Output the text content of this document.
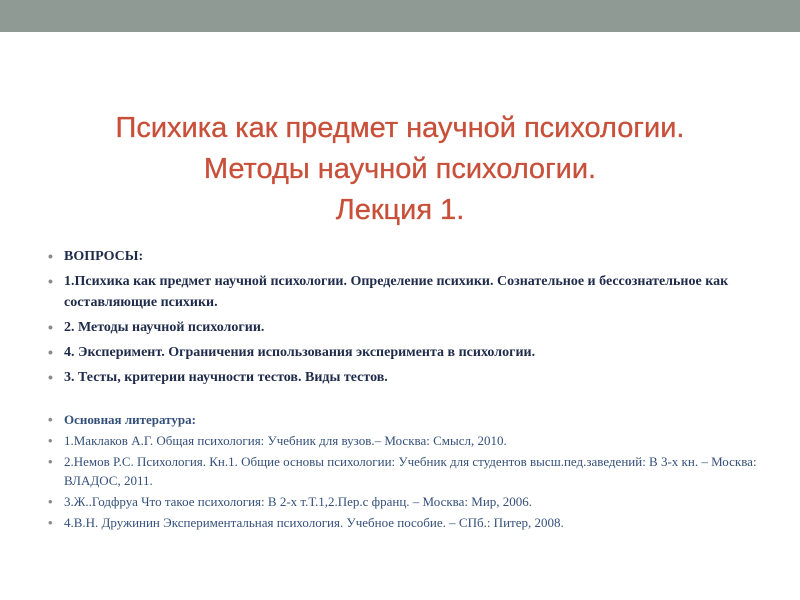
Психика как предмет научной психологии.
Методы научной психологии.
Лекция 1.
• ВОПРОСЫ:
• 1.Психика как предмет научной психологии. Определение психики. Сознательное и бессознательное как составляющие психики.
• 2. Методы научной психологии.
• 4. Эксперимент. Ограничения использования эксперимента в психологии.
• 3. Тесты, критерии научности тестов. Виды тестов.
• Основная литература:
• 1.Маклаков А.Г. Общая психология: Учебник для вузов.– Москва: Смысл, 2010.
• 2.Немов Р.С. Психология. Кн.1. Общие основы психологии: Учебник для студентов высш.пед.заведений: В 3-х кн. – Москва: ВЛАДОС, 2011.
• 3.Ж..Годфруа Что такое психология: В 2-х т.Т.1,2.Пер.с франц. – Москва: Мир, 2006.
• 4.В.Н. Дружинин Экспериментальная психология. Учебное пособие. – СПб.: Питер, 2008.
